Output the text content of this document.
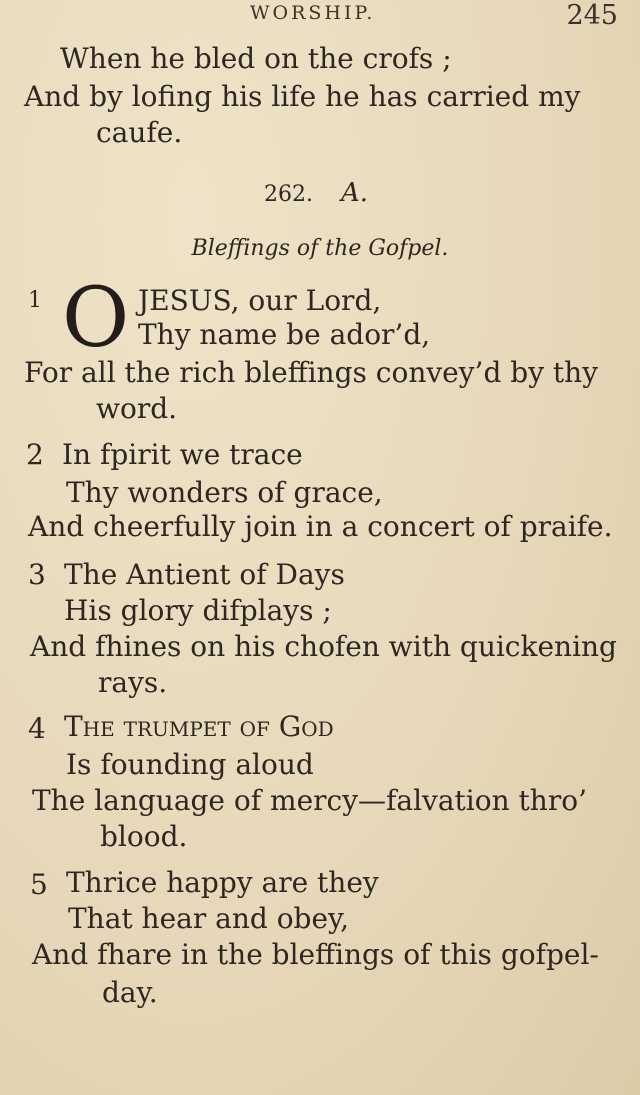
WORSHIP.	245
When he bled on the crofs ;
And by lofing his life he has carried my
caufe.
262. A.
Bleffings of the Gofpel.
1 O JESUS, our Lord,
Thy name be ador’d,
For all the rich bleffings convey’d by thy
word.
2 In fpirit we trace
Thy wonders of grace,
And cheerfully join in a concert of praife.
3 The Antient of Days
His glory difplays ;
And fhines on his chofen with quickening
rays.
4 The trumpet of God
Is founding aloud
The language of mercy—falvation thro’
blood.
5 Thrice happy are they
That hear and obey,
And fhare in the bleffings of this gofpel-
day.
